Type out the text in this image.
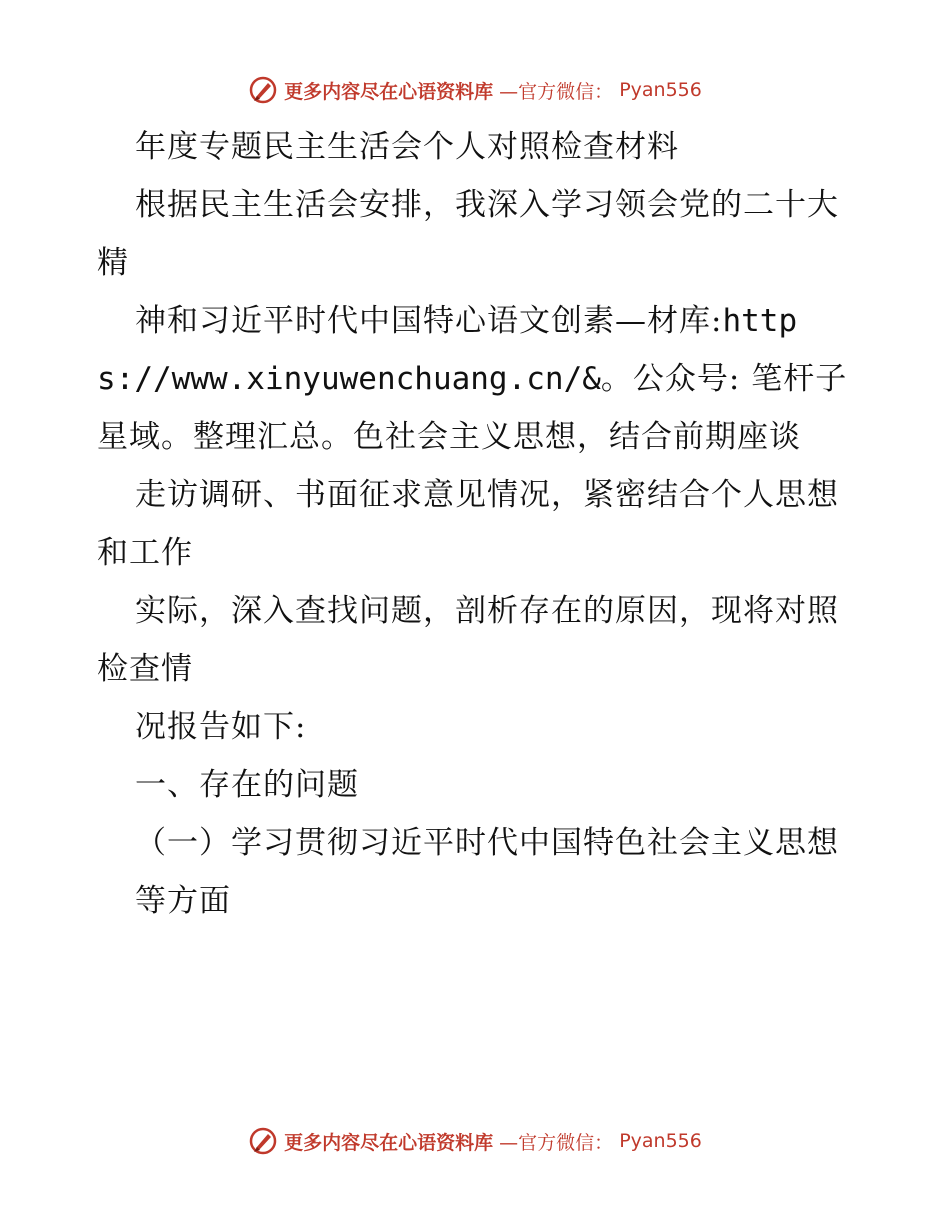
更多内容尽在心语资料库 —官方微信： Pyan556

年度专题民主生活会个人对照检查材料

根据民主生活会安排，我深入学习领会党的二十大精

神和习近平时代中国特心语文创素—材库:https://www.xinyuwenchuang.cn/&。公众号: 笔杆子星域。整理汇总。色社会主义思想，结合前期座谈

走访调研、书面征求意见情况，紧密结合个人思想和工作

实际，深入查找问题，剖析存在的原因，现将对照检查情

况报告如下:

一、存在的问题

（一）学习贯彻习近平时代中国特色社会主义思想

等方面

更多内容尽在心语资料库 —官方微信： Pyan556
